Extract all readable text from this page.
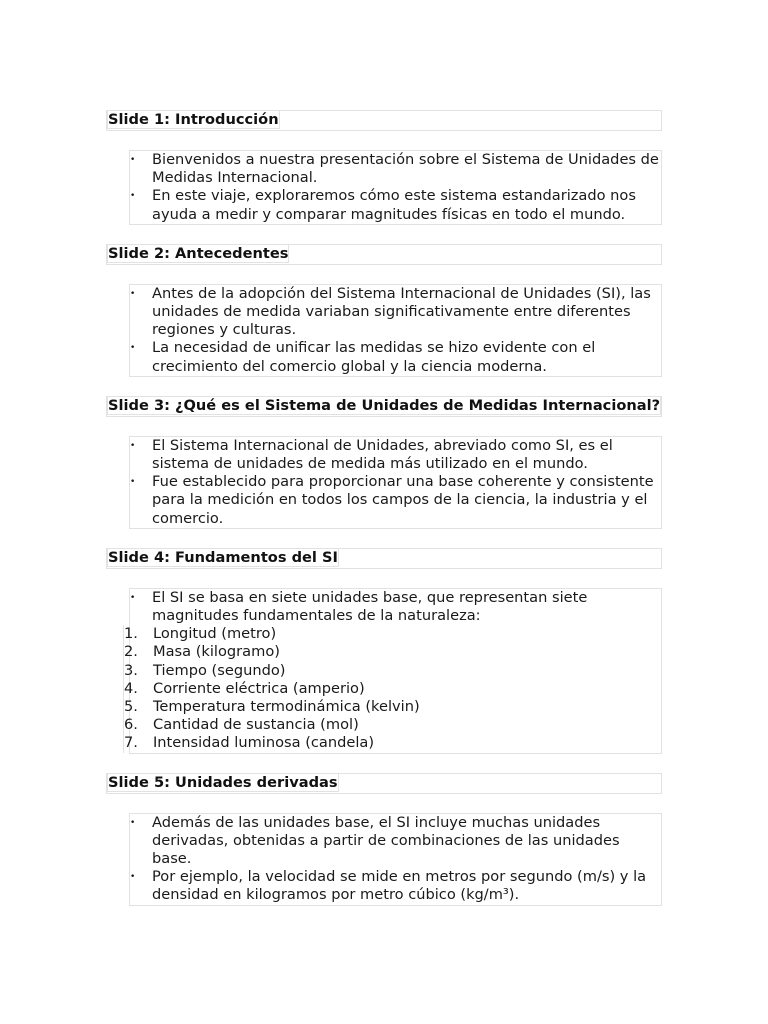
Slide 1: Introducción
• Bienvenidos a nuestra presentación sobre el Sistema de Unidades de Medidas Internacional.
• En este viaje, exploraremos cómo este sistema estandarizado nos ayuda a medir y comparar magnitudes físicas en todo el mundo.
Slide 2: Antecedentes
• Antes de la adopción del Sistema Internacional de Unidades (SI), las unidades de medida variaban significativamente entre diferentes regiones y culturas.
• La necesidad de unificar las medidas se hizo evidente con el crecimiento del comercio global y la ciencia moderna.
Slide 3: ¿Qué es el Sistema de Unidades de Medidas Internacional?
• El Sistema Internacional de Unidades, abreviado como SI, es el sistema de unidades de medida más utilizado en el mundo.
• Fue establecido para proporcionar una base coherente y consistente para la medición en todos los campos de la ciencia, la industria y el comercio.
Slide 4: Fundamentos del SI
• El SI se basa en siete unidades base, que representan siete magnitudes fundamentales de la naturaleza:
1. Longitud (metro)
2. Masa (kilogramo)
3. Tiempo (segundo)
4. Corriente eléctrica (amperio)
5. Temperatura termodinámica (kelvin)
6. Cantidad de sustancia (mol)
7. Intensidad luminosa (candela)
Slide 5: Unidades derivadas
• Además de las unidades base, el SI incluye muchas unidades derivadas, obtenidas a partir de combinaciones de las unidades base.
• Por ejemplo, la velocidad se mide en metros por segundo (m/s) y la densidad en kilogramos por metro cúbico (kg/m³).
